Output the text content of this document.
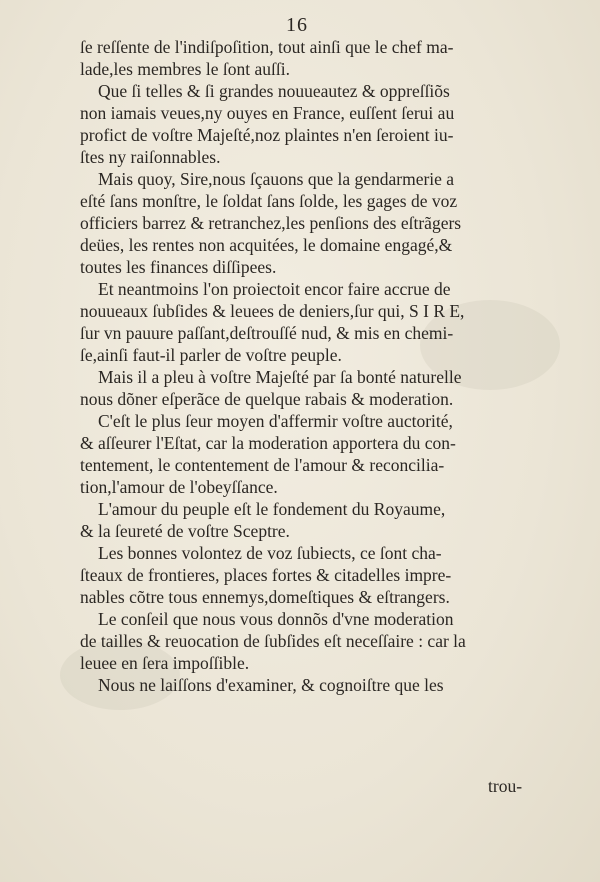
16
ſe reſſente de l'indiſpoſition, tout ainſi que le chef ma-
lade,les membres le ſont auſſi.
Que ſi telles & ſi grandes nouueautez & oppreſſiõs
non iamais veues,ny ouyes en France, euſſent ſerui au
profict de voſtre Majeſté,noz plaintes n'en ſeroient iu-
ſtes ny raiſonnables.
Mais quoy, Sire,nous ſçauons que la gendarmerie a
eſté ſans monſtre, le ſoldat ſans ſolde, les gages de voz
officiers barrez & retranchez,les penſions des eſtrãgers
deües, les rentes non acquitées, le domaine engagé,&
toutes les finances diſſipees.
Et neantmoins l'on proiectoit encor faire accrue de
nouueaux ſubſides & leuees de deniers,ſur qui, S I R E,
ſur vn pauure paſſant,deſtrouſſé nud, & mis en chemi-
ſe,ainſi faut-il parler de voſtre peuple.
Mais il a pleu à voſtre Majeſté par ſa bonté naturelle
nous dõner eſperãce de quelque rabais & moderation.
C'eſt le plus ſeur moyen d'affermir voſtre auctorité,
& aſſeurer l'Eſtat, car la moderation apportera du con-
tentement, le contentement de l'amour & reconcilia-
tion,l'amour de l'obeyſſance.
L'amour du peuple eſt le fondement du Royaume,
& la ſeureté de voſtre Sceptre.
Les bonnes volontez de voz ſubiects, ce ſont cha-
ſteaux de frontieres, places fortes & citadelles impre-
nables cõtre tous ennemys,domeſtiques & eſtrangers.
Le conſeil que nous vous donnõs d'vne moderation
de tailles & reuocation de ſubſides eſt neceſſaire : car la
leuee en ſera impoſſible.
Nous ne laiſſons d'examiner, & cognoiſtre que les
trou-
